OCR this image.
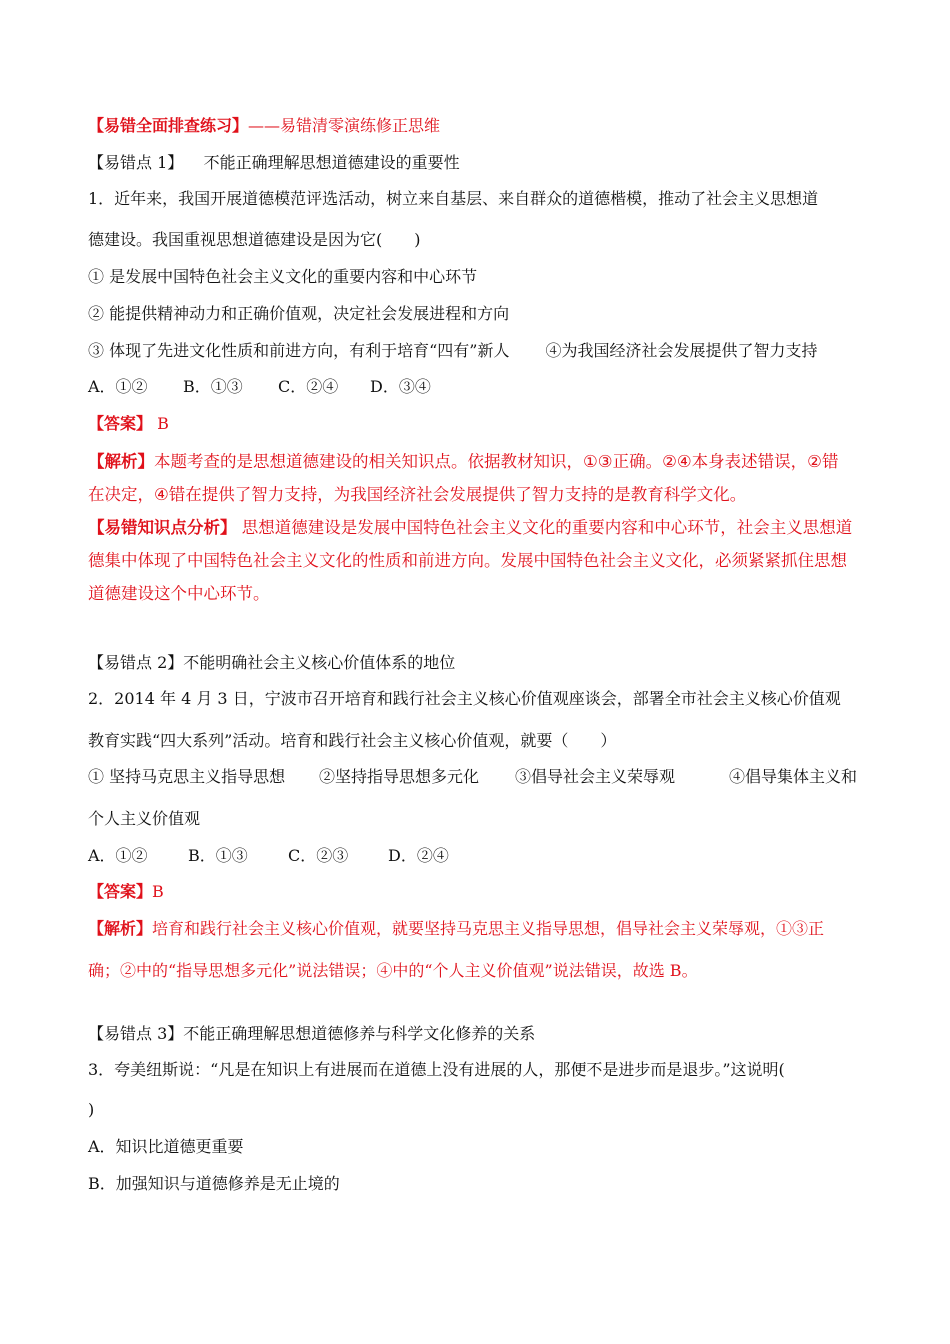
【易错全面排查练习】——易错清零演练修正思维
【易错点 1】 不能正确理解思想道德建设的重要性
1．近年来，我国开展道德模范评选活动，树立来自基层、来自群众的道德楷模，推动了社会主义思想道
德建设。我国重视思想道德建设是因为它(　　)
① 是发展中国特色社会主义文化的重要内容和中心环节
② 能提供精神动力和正确价值观，决定社会发展进程和方向
③ 体现了先进文化性质和前进方向，有利于培育“四有”新人 ④为我国经济社会发展提供了智力支持
A．①② B．①③ C．②④ D．③④
【答案】 B
【解析】本题考查的是思想道德建设的相关知识点。依据教材知识，①③正确。②④本身表述错误，②错
在决定，④错在提供了智力支持，为我国经济社会发展提供了智力支持的是教育科学文化。
【易错知识点分析】 思想道德建设是发展中国特色社会主义文化的重要内容和中心环节，社会主义思想道
德集中体现了中国特色社会主义文化的性质和前进方向。发展中国特色社会主义文化，必须紧紧抓住思想
道德建设这个中心环节。
【易错点 2】不能明确社会主义核心价值体系的地位
2．2014 年 4 月 3 日，宁波市召开培育和践行社会主义核心价值观座谈会，部署全市社会主义核心价值观
教育实践“四大系列”活动。培育和践行社会主义核心价值观，就要（　　）
① 坚持马克思主义指导思想 ②坚持指导思想多元化 ③倡导社会主义荣辱观	④倡导集体主义和
个人主义价值观
A．①②	B．①③	C．②③ D．②④
【答案】B
【解析】培育和践行社会主义核心价值观，就要坚持马克思主义指导思想，倡导社会主义荣辱观，①③正
确；②中的“指导思想多元化”说法错误；④中的“个人主义价值观”说法错误，故选 B。
【易错点 3】不能正确理解思想道德修养与科学文化修养的关系
3．夸美纽斯说：“凡是在知识上有进展而在道德上没有进展的人，那便不是进步而是退步。”这说明(
)
A．知识比道德更重要
B．加强知识与道德修养是无止境的
